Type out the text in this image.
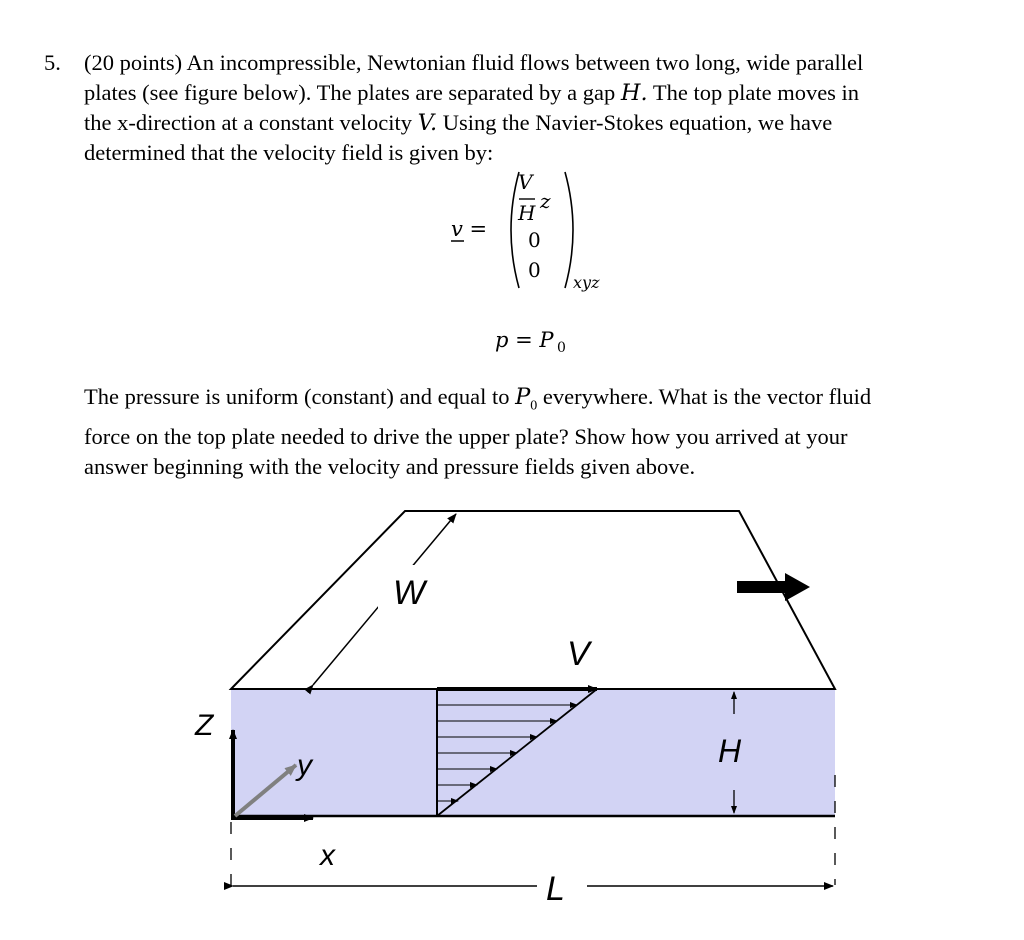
5. (20 points) An incompressible, Newtonian fluid flows between two long, wide parallel
plates (see figure below). The plates are separated by a gap H. The top plate moves in
the x-direction at a constant velocity V. Using the Navier-Stokes equation, we have
determined that the velocity field is given by:
v =
V
H z
0
0
xyz
p = P 0
The pressure is uniform (constant) and equal to $P_0$ everywhere. What is the vector fluid
force on the top plate needed to drive the upper plate? Show how you arrived at your
answer beginning with the velocity and pressure fields given above.
W
V
H
L
Z
y
x
